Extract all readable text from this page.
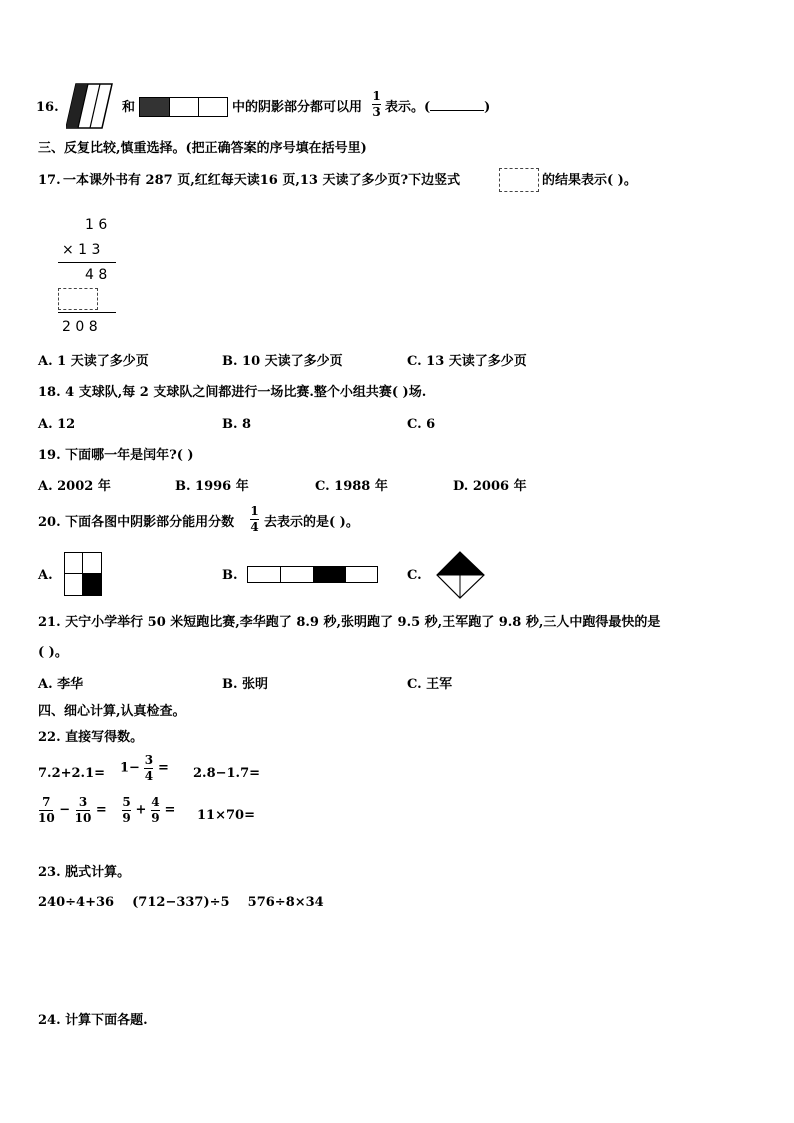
16.	和	中的阴影部分都可以用 $\frac{1}{3}$ 表示。(	)
三、反复比较,慎重选择。(把正确答案的序号填在括号里)
17. 一本课外书有 287 页,红红每天读16 页,13 天读了多少页?下边竖式	的结果表示( )。
1 6
× 1 3
4 8
2 0 8
A. 1 天读了多少页	B. 10 天读了多少页	C. 13 天读了多少页
18. 4 支球队,每 2 支球队之间都进行一场比赛.整个小组共赛( )场.
A. 12	B. 8	C. 6
19. 下面哪一年是闰年?( )
A. 2002 年	B. 1996 年	C. 1988 年	D. 2006 年
20. 下面各图中阴影部分能用分数 $\frac{1}{4}$ 去表示的是( )。
A.	B.	C.
21. 天宁小学举行 50 米短跑比赛,李华跑了 8.9 秒,张明跑了 9.5 秒,王军跑了 9.8 秒,三人中跑得最快的是
( )。
A. 李华	B. 张明	C. 王军
四、细心计算,认真检查。
22. 直接写得数。
$7.2+2.1= 1- \frac{3}{4} = 2.8-1.7=$
$\frac{7}{10} - \frac{3}{10} = \frac{5}{9} + \frac{4}{9} = 11\times 70=$
23. 脱式计算。
240÷4+36    (712−337)÷5    576÷8×34
24. 计算下面各题.
